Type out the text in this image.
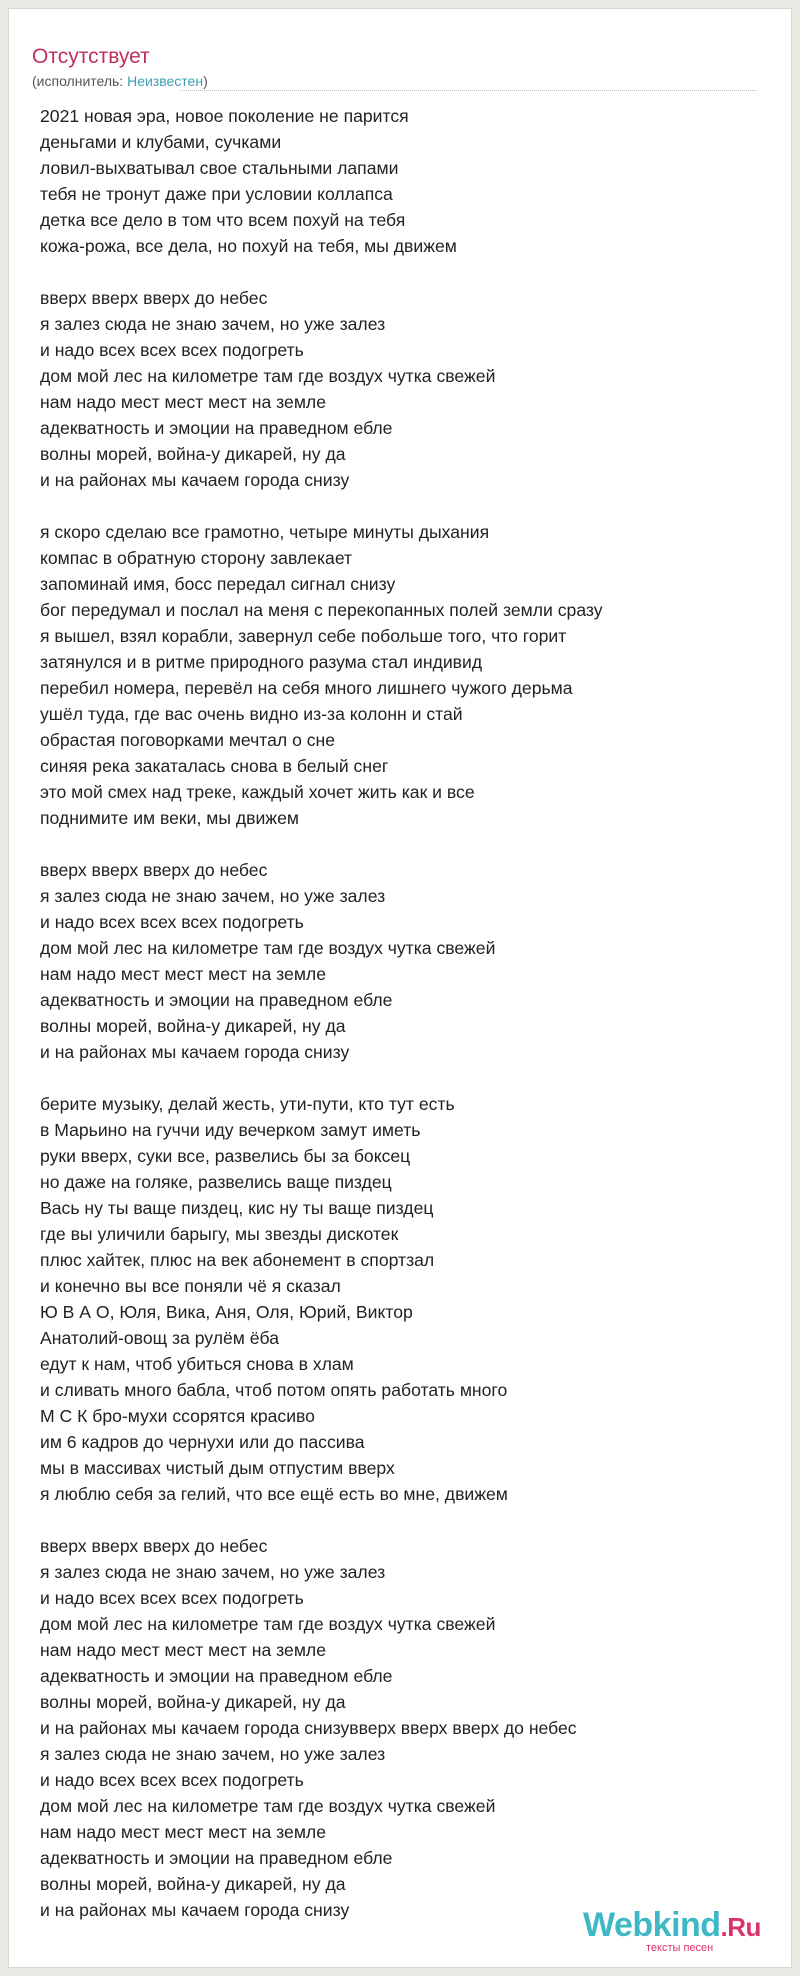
Отсутствует
(исполнитель: Неизвестен)
2021 новая эра, новое поколение не парится
деньгами и клубами, сучками
ловил-выхватывал свое стальными лапами
тебя не тронут даже при условии коллапса
детка все дело в том что всем похуй на тебя
кожа-рожа, все дела, но похуй на тебя, мы движем

вверх вверх вверх до небес
я залез сюда не знаю зачем, но уже залез
и надо всех всех всех подогреть
дом мой лес на километре там где воздух чутка свежей
нам надо мест мест мест на земле
адекватность и эмоции на праведном ебле
волны морей, война-у дикарей, ну да
и на районах мы качаем города снизу

я скоро сделаю все грамотно, четыре минуты дыхания
компас в обратную сторону завлекает
запоминай имя, босс передал сигнал снизу
бог передумал и послал на меня с перекопанных полей земли сразу
я вышел, взял корабли, завернул себе побольше того, что горит
затянулся и в ритме природного разума стал индивид
перебил номера, перевёл на себя много лишнего чужого дерьма
ушёл туда, где вас очень видно из-за колонн и стай
обрастая поговорками мечтал о сне
синяя река закаталась снова в белый снег
это мой смех над треке, каждый хочет жить как и все
поднимите им веки, мы движем

вверх вверх вверх до небес
я залез сюда не знаю зачем, но уже залез
и надо всех всех всех подогреть
дом мой лес на километре там где воздух чутка свежей
нам надо мест мест мест на земле
адекватность и эмоции на праведном ебле
волны морей, война-у дикарей, ну да
и на районах мы качаем города снизу

берите музыку, делай жесть, ути-пути, кто тут есть
в Марьино на гуччи иду вечерком замут иметь
руки вверх, суки все, развелись бы за боксец
но даже на голяке, развелись ваще пиздец
Вась ну ты ваще пиздец, кис ну ты ваще пиздец
где вы уличили барыгу, мы звезды дискотек
плюс хайтек, плюс на век абонемент в спортзал
и конечно вы все поняли чё я сказал
Ю В А О, Юля, Вика, Аня, Оля, Юрий, Виктор
Анатолий-овощ за рулём ёба
едут к нам, чтоб убиться снова в хлам
и сливать много бабла, чтоб потом опять работать много
М С К бро-мухи ссорятся красиво
им 6 кадров до чернухи или до пассива
мы в массивах чистый дым отпустим вверх
я люблю себя за гелий, что все ещё есть во мне, движем

вверх вверх вверх до небес
я залез сюда не знаю зачем, но уже залез
и надо всех всех всех подогреть
дом мой лес на километре там где воздух чутка свежей
нам надо мест мест мест на земле
адекватность и эмоции на праведном ебле
волны морей, война-у дикарей, ну да
и на районах мы качаем города снизувверх вверх вверх до небес
я залез сюда не знаю зачем, но уже залез
и надо всех всех всех подогреть
дом мой лес на километре там где воздух чутка свежей
нам надо мест мест мест на земле
адекватность и эмоции на праведном ебле
волны морей, война-у дикарей, ну да
и на районах мы качаем города снизу	Webkind.Ru
тексты песен
